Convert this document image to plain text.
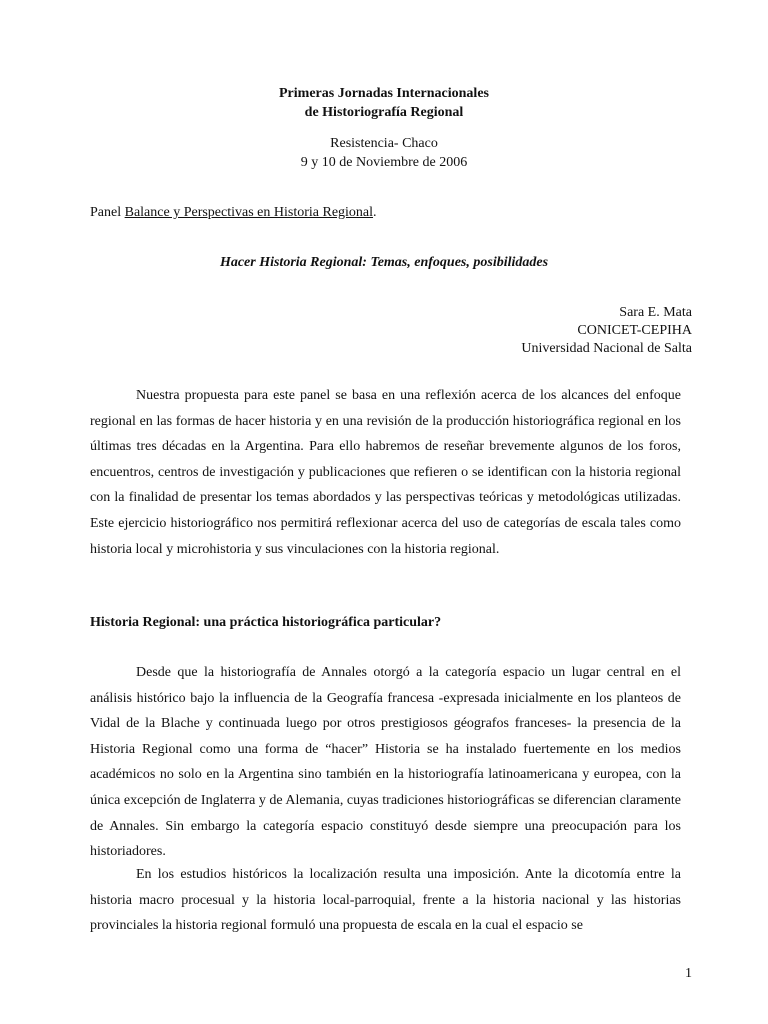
Primeras Jornadas Internacionales
de Historiografía Regional
Resistencia- Chaco
9 y 10 de Noviembre de 2006
Panel Balance y Perspectivas en Historia Regional.
Hacer Historia Regional: Temas, enfoques, posibilidades
Sara E. Mata
CONICET-CEPIHA
Universidad Nacional de Salta
Nuestra propuesta para este panel se basa en una reflexión acerca de los alcances del enfoque regional en las formas de hacer historia y en una revisión de la producción historiográfica regional en los últimas tres décadas en la Argentina. Para ello habremos de reseñar brevemente algunos de los foros, encuentros, centros de investigación y publicaciones que refieren o se identifican con la historia regional con la finalidad de presentar los temas abordados y las perspectivas teóricas y metodológicas utilizadas. Este ejercicio historiográfico nos permitirá reflexionar acerca del uso de categorías de escala tales como historia local y microhistoria y sus vinculaciones con la historia regional.
Historia Regional: una práctica historiográfica particular?
Desde que la historiografía de Annales otorgó a la categoría espacio un lugar central en el análisis histórico bajo la influencia de la Geografía francesa -expresada inicialmente en los planteos de Vidal de la Blache y continuada luego por otros prestigiosos géografos franceses- la presencia de la Historia Regional como una forma de “hacer” Historia se ha instalado fuertemente en los medios académicos no solo en la Argentina sino también en la historiografía latinoamericana y europea, con la única excepción de Inglaterra y de Alemania, cuyas tradiciones historiográficas se diferencian claramente de Annales. Sin embargo la categoría espacio constituyó desde siempre una preocupación para los historiadores.
En los estudios históricos la localización resulta una imposición. Ante la dicotomía entre la historia macro procesual y la historia local-parroquial, frente a la historia nacional y las historias provinciales la historia regional formuló una propuesta de escala en la cual el espacio se
1
